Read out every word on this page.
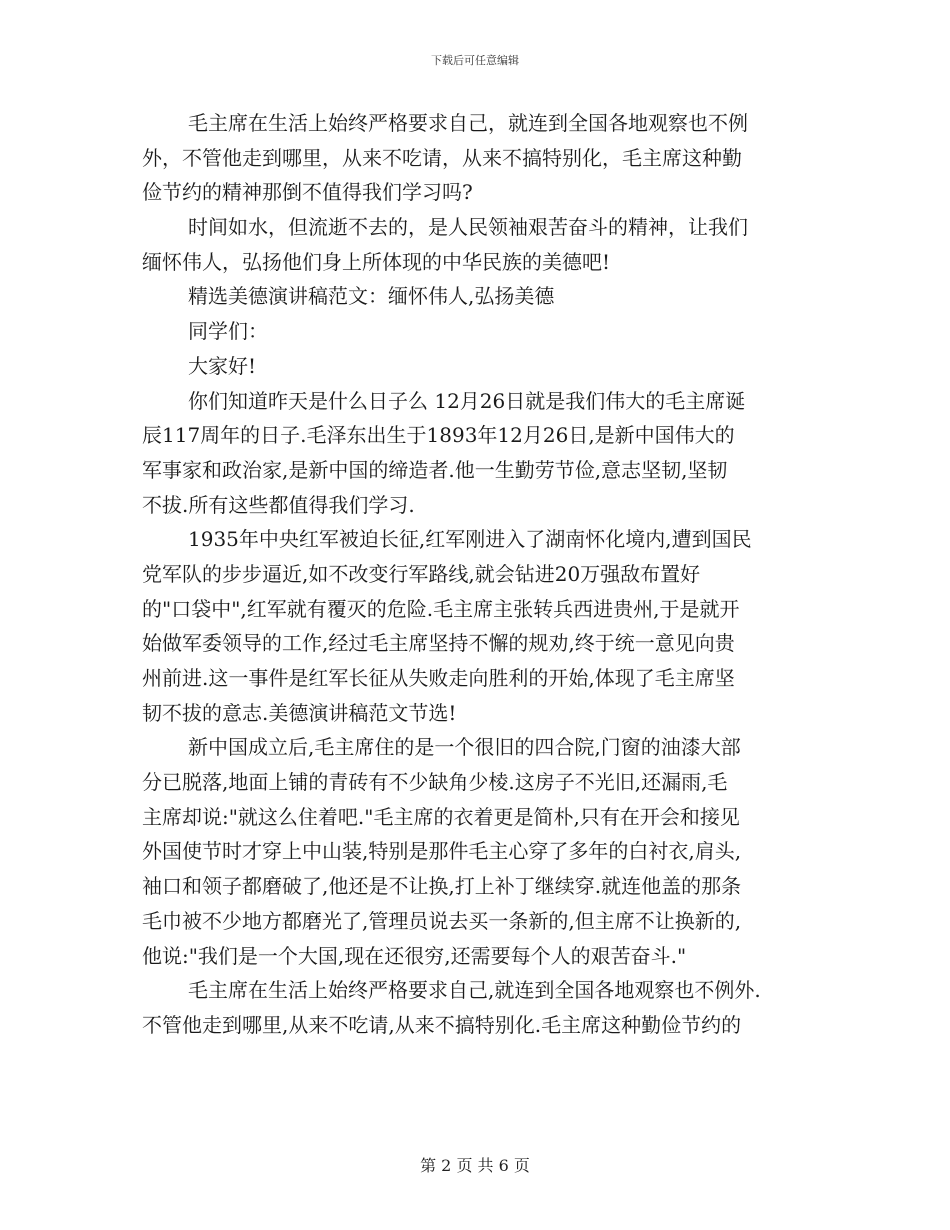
下载后可任意编辑
毛主席在生活上始终严格要求自己，就连到全国各地观察也不例
外，不管他走到哪里，从来不吃请，从来不搞特别化，毛主席这种勤
俭节约的精神那倒不值得我们学习吗?
时间如水，但流逝不去的，是人民领袖艰苦奋斗的精神，让我们
缅怀伟人，弘扬他们身上所体现的中华民族的美德吧!
精选美德演讲稿范文：缅怀伟人,弘扬美德
同学们：
大家好!
你们知道昨天是什么日子么 12月26日就是我们伟大的毛主席诞
辰117周年的日子.毛泽东出生于1893年12月26日,是新中国伟大的
军事家和政治家,是新中国的缔造者.他一生勤劳节俭,意志坚韧,坚韧
不拔.所有这些都值得我们学习.
1935年中央红军被迫长征,红军刚进入了湖南怀化境内,遭到国民
党军队的步步逼近,如不改变行军路线,就会钻进20万强敌布置好
的"口袋中",红军就有覆灭的危险.毛主席主张转兵西进贵州,于是就开
始做军委领导的工作,经过毛主席坚持不懈的规劝,终于统一意见向贵
州前进.这一事件是红军长征从失败走向胜利的开始,体现了毛主席坚
韧不拔的意志.美德演讲稿范文节选!
新中国成立后,毛主席住的是一个很旧的四合院,门窗的油漆大部
分已脱落,地面上铺的青砖有不少缺角少棱.这房子不光旧,还漏雨,毛
主席却说:"就这么住着吧."毛主席的衣着更是简朴,只有在开会和接见
外国使节时才穿上中山装,特别是那件毛主心穿了多年的白衬衣,肩头,
袖口和领子都磨破了,他还是不让换,打上补丁继续穿.就连他盖的那条
毛巾被不少地方都磨光了,管理员说去买一条新的,但主席不让换新的,
他说:"我们是一个大国,现在还很穷,还需要每个人的艰苦奋斗."
毛主席在生活上始终严格要求自己,就连到全国各地观察也不例外.
不管他走到哪里,从来不吃请,从来不搞特别化.毛主席这种勤俭节约的
第 2 页 共 6 页
